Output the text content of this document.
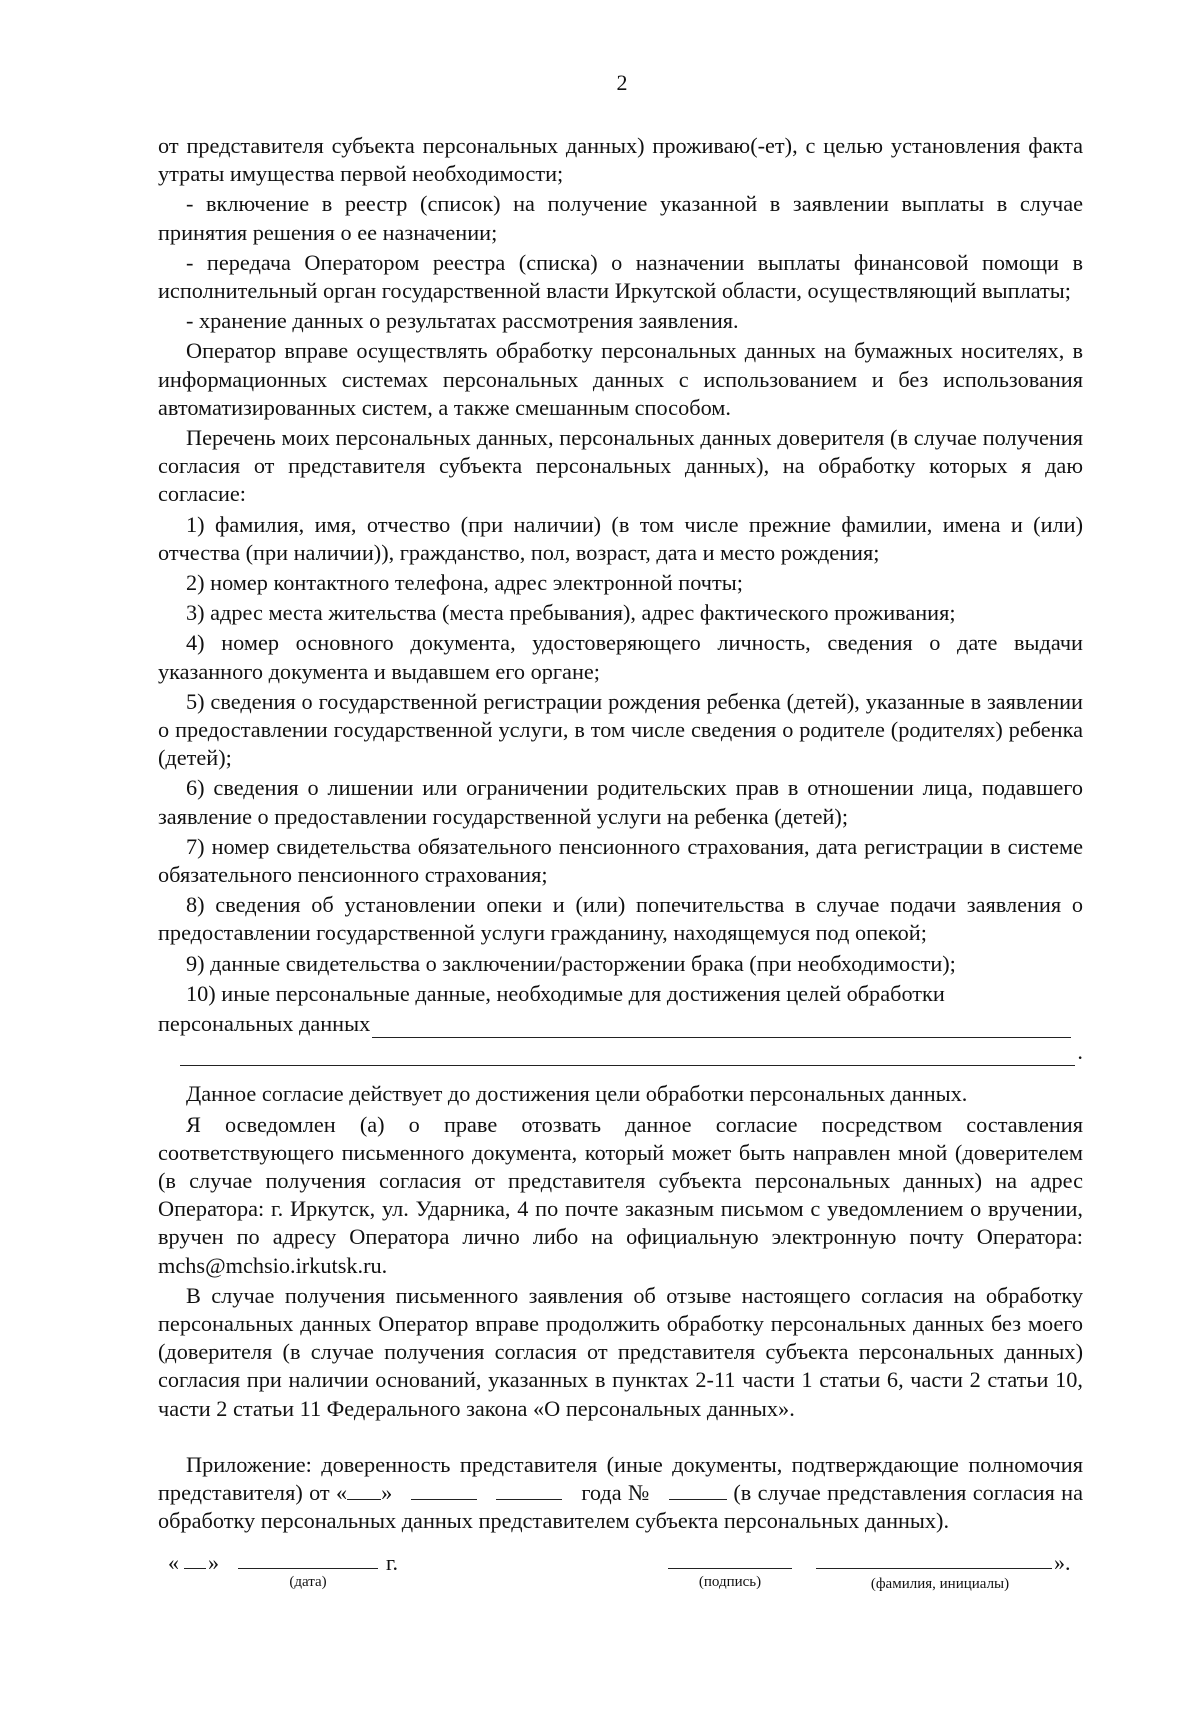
2

от представителя субъекта персональных данных) проживаю(-ет), с целью установления факта утраты имущества первой необходимости;

- включение в реестр (список) на получение указанной в заявлении выплаты в случае принятия решения о ее назначении;

- передача Оператором реестра (списка) о назначении выплаты финансовой помощи в исполнительный орган государственной власти Иркутской области, осуществляющий выплаты;

- хранение данных о результатах рассмотрения заявления.

Оператор вправе осуществлять обработку персональных данных на бумажных носителях, в информационных системах персональных данных с использованием и без использования автоматизированных систем, а также смешанным способом.

Перечень моих персональных данных, персональных данных доверителя (в случае получения согласия от представителя субъекта персональных данных), на обработку которых я даю согласие:

1) фамилия, имя, отчество (при наличии) (в том числе прежние фамилии, имена и (или) отчества (при наличии)), гражданство, пол, возраст, дата и место рождения;

2) номер контактного телефона, адрес электронной почты;

3) адрес места жительства (места пребывания), адрес фактического проживания;

4) номер основного документа, удостоверяющего личность, сведения о дате выдачи указанного документа и выдавшем его органе;

5) сведения о государственной регистрации рождения ребенка (детей), указанные в заявлении о предоставлении государственной услуги, в том числе сведения о родителе (родителях) ребенка (детей);

6) сведения о лишении или ограничении родительских прав в отношении лица, подавшего заявление о предоставлении государственной услуги на ребенка (детей);

7) номер свидетельства обязательного пенсионного страхования, дата регистрации в системе обязательного пенсионного страхования;

8) сведения об установлении опеки и (или) попечительства в случае подачи заявления о предоставлении государственной услуги гражданину, находящемуся под опекой;

9) данные свидетельства о заключении/расторжении брака (при необходимости);

10) иные персональные данные, необходимые для достижения целей обработки

персональных данных
.

Данное согласие действует до достижения цели обработки персональных данных.

Я осведомлен (а) о праве отозвать данное согласие посредством составления соответствующего письменного документа, который может быть направлен мной (доверителем (в случае получения согласия от представителя субъекта персональных данных) на адрес Оператора: г. Иркутск, ул. Ударника, 4 по почте заказным письмом с уведомлением о вручении, вручен по адресу Оператора лично либо на официальную электронную почту Оператора: mchs@mchsio.irkutsk.ru.

В случае получения письменного заявления об отзыве настоящего согласия на обработку персональных данных Оператор вправе продолжить обработку персональных данных без моего (доверителя (в случае получения согласия от представителя субъекта персональных данных) согласия при наличии оснований, указанных в пунктах 2-11 части 1 статьи 6, части 2 статьи 10, части 2 статьи 11 Федерального закона «О персональных данных».

Приложение: доверенность представителя (иные документы, подтверждающие полномочия представителя) от « »	года №	(в случае представления согласия на обработку персональных данных представителем субъекта персональных данных).

« »	г.
(дата)	(подпись)
».
(фамилия, инициалы)
